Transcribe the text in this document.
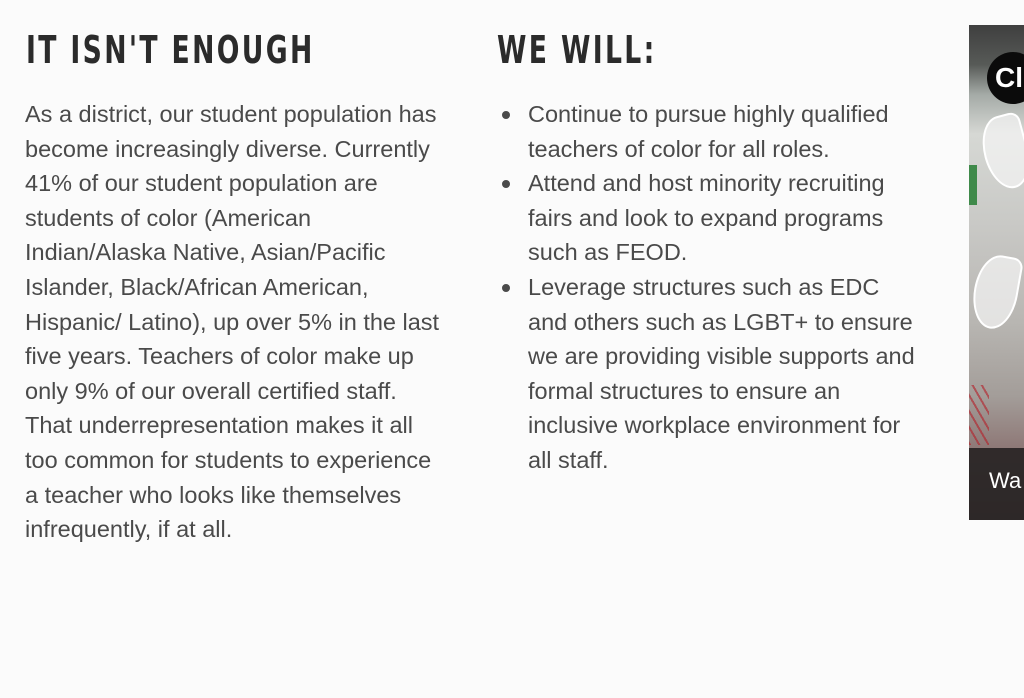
IT ISN'T ENOUGH

As a district, our student population has become increasingly diverse. Currently 41% of our student population are students of color (American Indian/Alaska Native, Asian/Pacific Islander, Black/African American, Hispanic/ Latino), up over 5% in the last five years. Teachers of color make up only 9% of our overall certified staff. That underrepresentation makes it all too common for students to experience a teacher who looks like themselves infrequently, if at all.

WE WILL:
Continue to pursue highly qualified teachers of color for all roles.
Attend and host minority recruiting fairs and look to expand programs such as FEOD.
Leverage structures such as EDC and others such as LGBT+ to ensure we are providing visible supports and formal structures to ensure an inclusive workplace environment for all staff.
Cl
Wa
